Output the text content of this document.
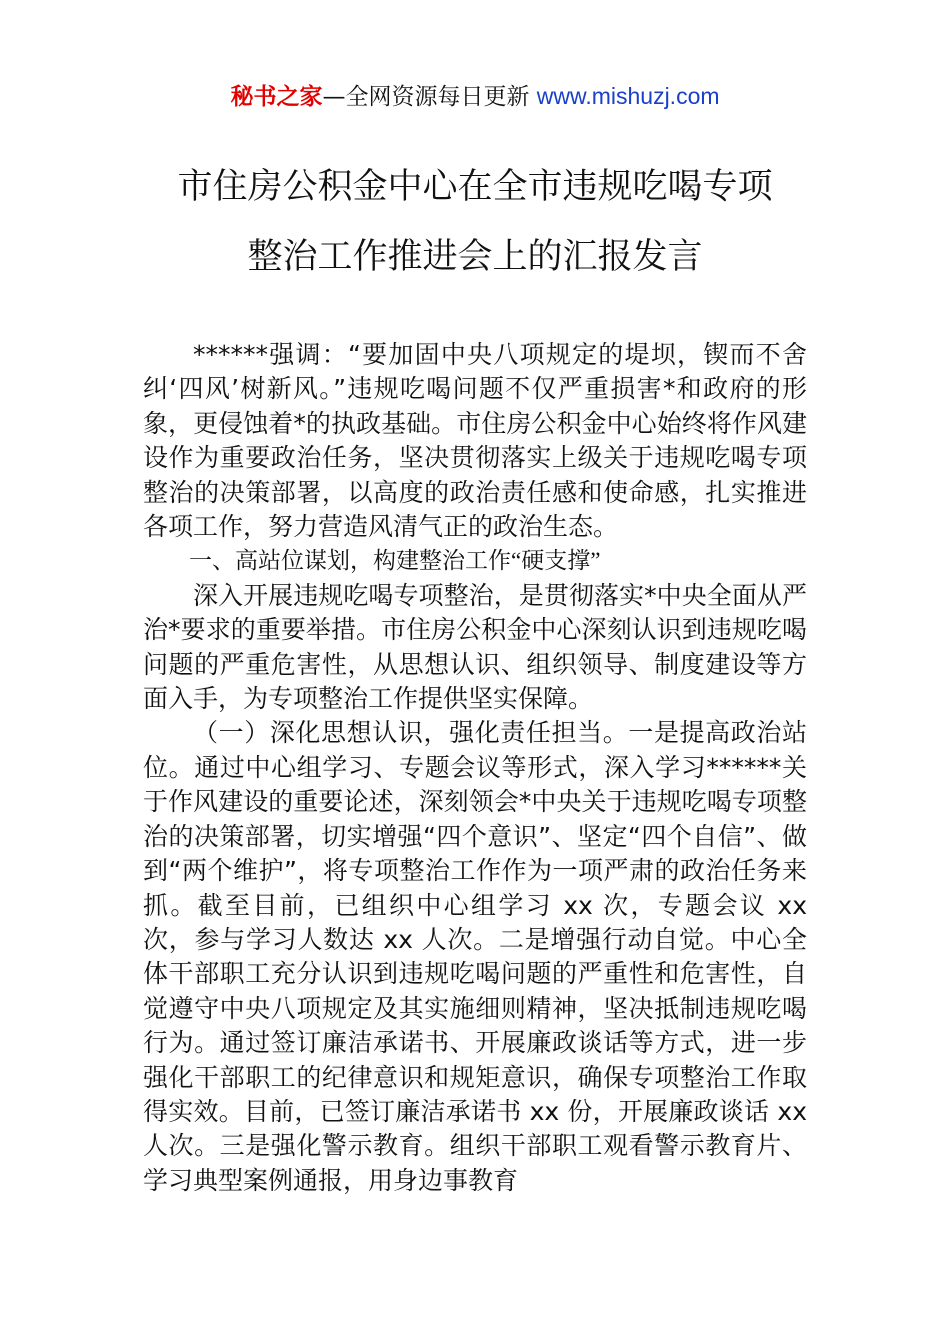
秘书之家—全网资源每日更新 www.mishuzj.com
市住房公积金中心在全市违规吃喝专项
整治工作推进会上的汇报发言

******强调：“要加固中央八项规定的堤坝，锲而不舍纠‘四风’树新风。”违规吃喝问题不仅严重损害*和政府的形象，更侵蚀着*的执政基础。市住房公积金中心始终将作风建设作为重要政治任务，坚决贯彻落实上级关于违规吃喝专项整治的决策部署，以高度的政治责任感和使命感，扎实推进各项工作，努力营造风清气正的政治生态。

一、高站位谋划，构建整治工作“硬支撑”

深入开展违规吃喝专项整治，是贯彻落实*中央全面从严治*要求的重要举措。市住房公积金中心深刻认识到违规吃喝问题的严重危害性，从思想认识、组织领导、制度建设等方面入手，为专项整治工作提供坚实保障。

（一）深化思想认识，强化责任担当。一是提高政治站位。通过中心组学习、专题会议等形式，深入学习******关于作风建设的重要论述，深刻领会*中央关于违规吃喝专项整治的决策部署，切实增强“四个意识”、坚定“四个自信”、做到“两个维护”，将专项整治工作作为一项严肃的政治任务来抓。截至目前，已组织中心组学习 xx 次，专题会议 xx 次，参与学习人数达 xx 人次。二是增强行动自觉。中心全体干部职工充分认识到违规吃喝问题的严重性和危害性，自觉遵守中央八项规定及其实施细则精神，坚决抵制违规吃喝行为。通过签订廉洁承诺书、开展廉政谈话等方式，进一步强化干部职工的纪律意识和规矩意识，确保专项整治工作取得实效。目前，已签订廉洁承诺书 xx 份，开展廉政谈话 xx 人次。三是强化警示教育。组织干部职工观看警示教育片、学习典型案例通报，用身边事教育
